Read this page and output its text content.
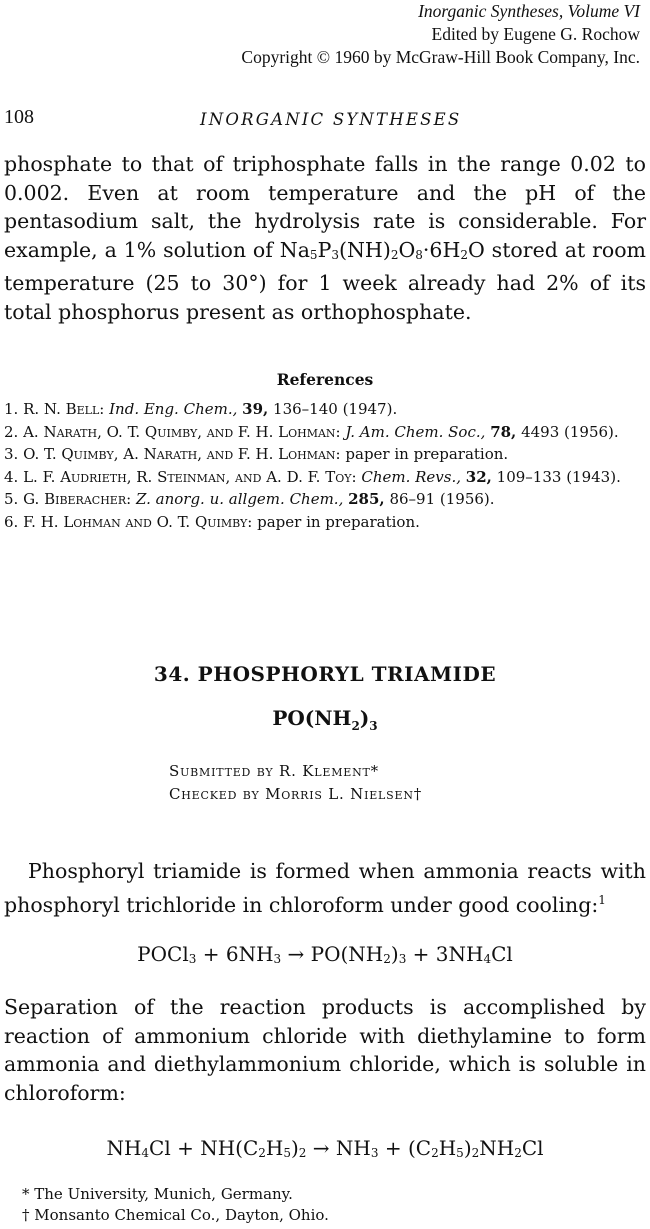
Inorganic Syntheses, Volume VI
Edited by Eugene G. Rochow
Copyright © 1960 by McGraw-Hill Book Company, Inc.
108	INORGANIC SYNTHESES

phosphate to that of triphosphate falls in the range 0.02 to 0.002. Even at room temperature and the pH of the pentasodium salt, the hydrolysis rate is considerable. For example, a 1% solution of $Na_5P_3(NH)_2O_8\cdot 6H_2O$ stored at room temperature (25 to 30°) for 1 week already had 2% of its total phosphorus present as orthophosphate.

References
1. R. N. Bell: Ind. Eng. Chem., 39, 136–140 (1947).
2. A. Narath, O. T. Quimby, and F. H. Lohman: J. Am. Chem. Soc., 78, 4493 (1956).
3. O. T. Quimby, A. Narath, and F. H. Lohman: paper in preparation.
4. L. F. Audrieth, R. Steinman, and A. D. F. Toy: Chem. Revs., 32, 109–133 (1943).
5. G. Biberacher: Z. anorg. u. allgem. Chem., 285, 86–91 (1956).
6. F. H. Lohman and O. T. Quimby: paper in preparation.
34. PHOSPHORYL TRIAMIDE
$PO(NH_2)_3$
Submitted by R. Klement*
Checked by Morris L. Nielsen†

Phosphoryl triamide is formed when ammonia reacts with phosphoryl trichloride in chloroform under good cooling:$^1$

POCl$_3$ + $6NH_3 \to PO(NH_2)_3 + 3NH_4Cl$

Separation of the reaction products is accomplished by reaction of ammonium chloride with diethylamine to form ammonia and diethylammonium chloride, which is soluble in chloroform:

$NH_4Cl + NH(C_2H_5)_2 \to NH_3 + (C_2H_5)_2NH_2Cl$
* The University, Munich, Germany.
† Monsanto Chemical Co., Dayton, Ohio.
